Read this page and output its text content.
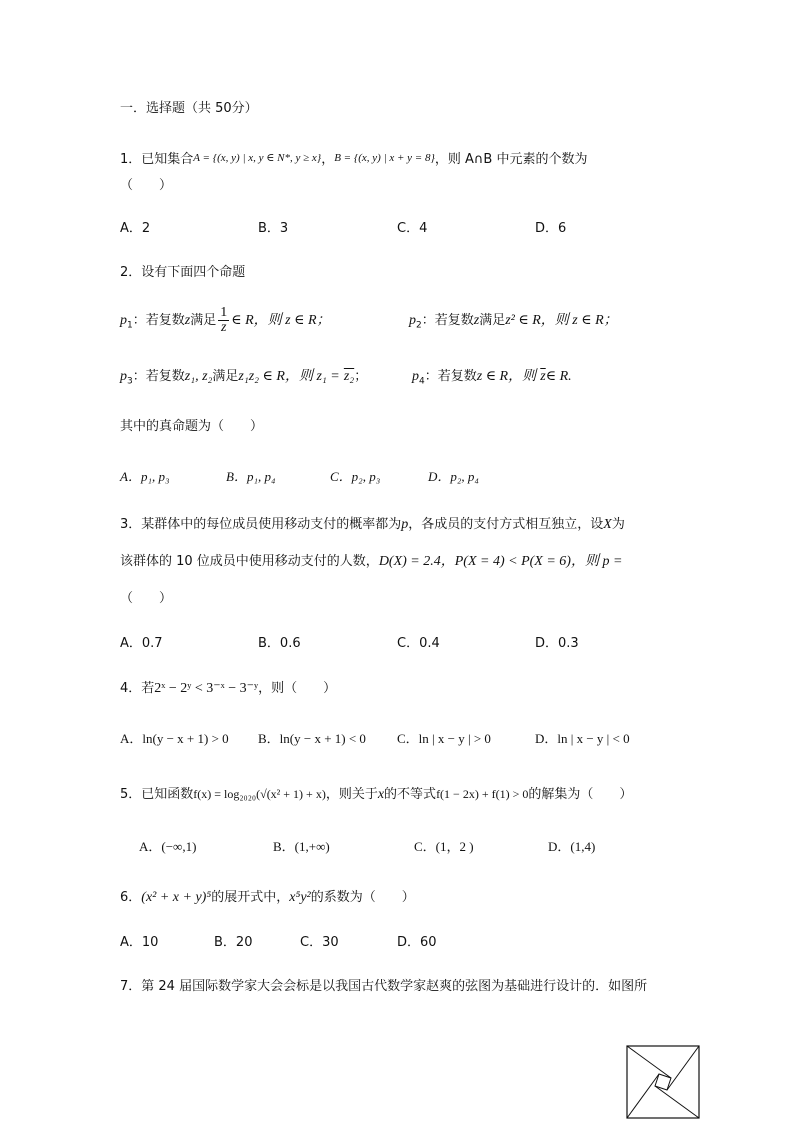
一．选择题（共 50分）
1．已知集合A = {(x, y) | x, y ∈ N*, y ≥ x}，B = {(x, y) | x + y = 8}，则 A∩B 中元素的个数为
（　　）
A．2	B．3	C．4	D．6
2．设有下面四个命题
$p_1$：若复数z满足 $\frac{1}{z}$ ∈ R，则 z ∈ R；	$p_2$：若复数z满足z² ∈ R，则 z ∈ R；
$p_3$：若复数z₁, z₂满足z₁z₂ ∈ R，则 z₁ = z₂；	$p_4$：若复数z ∈ R，则 $\overline{z}\in$ R.
其中的真命题为（　　）
A．p₁, p₃	B．p₁, p₄	C．p₂, p₃	D．p₂, p₄
3．某群体中的每位成员使用移动支付的概率都为p，各成员的支付方式相互独立，设X为
该群体的 10 位成员中使用移动支付的人数，D(X) = 2.4，P(X = 4) < P(X = 6)，则 p =
（　　）
A．0.7	B．0.6	C．0.4	D．0.3
4．若2ˣ − 2ʸ < 3⁻ˣ − 3⁻ʸ，则（　　）
A．ln(y − x + 1) > 0 B．ln(y − x + 1) < 0 C．ln | x − y | > 0	D．ln | x − y | < 0
5．已知函数f(x) = log₂₀₂₀(√(x² + 1) + x)，则关于x的不等式f(1 − 2x) + f(1) > 0的解集为（　　）
A．(−∞,1)	B．(1,+∞)	C．(1，2 )	D．(1,4)
6．(x² + x + y)⁵的展开式中，x⁵y²的系数为（　　）
A．10	B．20	C．30	D．60
7．第 24 届国际数学家大会会标是以我国古代数学家赵爽的弦图为基础进行设计的．如图所
